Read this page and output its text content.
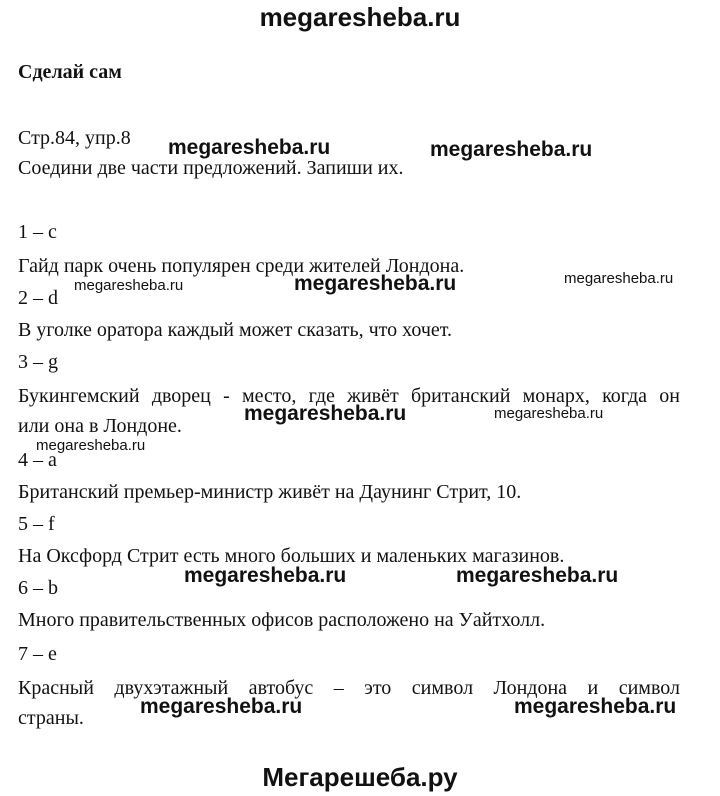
megaresheba.ru
Сделай сам
Стр.84, упр.8
Соедини две части предложений. Запиши их.
1 – c
Гайд парк очень популярен среди жителей Лондона.
2 – d
В уголке оратора каждый может сказать, что хочет.
3 – g
Букингемский дворец - место, где живёт британский монарх, когда он
или она в Лондоне.
4 – a
Британский премьер-министр живёт на Даунинг Стрит, 10.
5 – f
На Оксфорд Стрит есть много больших и маленьких магазинов.
6 – b
Много правительственных офисов расположено на Уайтхолл.
7 – e
Красный двухэтажный автобус – это символ Лондона и символ
страны.
megaresheba.ru	megaresheba.ru
megaresheba.ru	megaresheba.ru	megaresheba.ru
megaresheba.ru	megaresheba.ru
megaresheba.ru
megaresheba.ru	megaresheba.ru
megaresheba.ru	megaresheba.ru
Мегарешеба.ру
